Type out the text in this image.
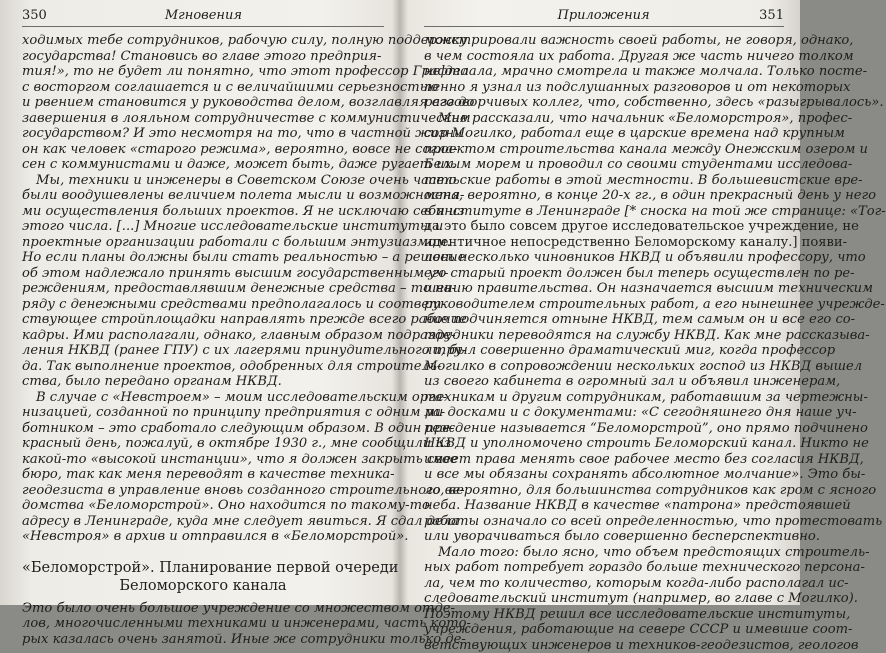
350	Мгновения
ходимых тебе сотрудников, рабочую силу, полную поддержку
государства! Становись во главе этого предприя-
тия!», то не будет ли понятно, что этот профессор Графто
с восторгом соглашается и с величайшими серьезностью
и рвением становится у руководства делом, возглавляя его до
завершения в лояльном сотрудничестве с коммунистическим
государством? И это несмотря на то, что в частной жизни
он как человек «старого режима», вероятно, вовсе не согла-
сен с коммунистами и даже, может быть, даже ругает их.
Мы, техники и инженеры в Советском Союзе очень часто
были воодушевлены величием полета мысли и возможностя-
ми осуществления больших проектов. Я не исключаю себя из
этого числа. [...] Многие исследовательские институты и
проектные организации работали с большим энтузиазмом.
Но если планы должны были стать реальностью – а решение
об этом надлежало принять высшим государственным уч-
реждениям, предоставлявшим денежные средства – то на-
ряду с денежными средствами предполагалось и соответ-
ствующее стройплощадки направлять прежде всего рабочие
кадры. Ими располагали, однако, главным образом подразде-
ления НКВД (ранее ГПУ) с их лагерями принудительного тру-
да. Так выполнение проектов, одобренных для строитель-
ства, было передано органам НКВД.
В случае с «Невстроем» – моим исследовательским орга-
низацией, созданной по принципу предприятия с одним ра-
ботником – это сработало следующим образом. В один пре-
красный день, пожалуй, в октябре 1930 г., мне сообщили из
какой-то «высокой инстанции», что я должен закрыть свое
бюро, так как меня переводят в качестве техника-
геодезиста в управление вновь созданного строительного ве-
домства «Беломорстрой». Оно находится по такому-то
адресу в Ленинграде, куда мне следует явиться. Я сдал дела
«Невстроя» в архив и отправился в «Беломорстрой».
«Беломорстрой». Планирование первой очереди
Беломорского канала
Это было очень большое учреждение со множеством отде-
лов, многочисленными техниками и инженерами, часть кото-
рых казалась очень занятой. Иные же сотрудники только де-
Приложения	351
монстрировали важность своей работы, не говоря, однако,
в чем состояла их работа. Другая же часть ничего толком
не делала, мрачно смотрела и также молчала. Только посте-
пенно я узнал из подслушанных разговоров и от некоторых
разговорчивых коллег, что, собственно, здесь «разыгрывалось».
Мне рассказали, что начальник «Беломорстроя», профес-
сор Могилко, работал еще в царские времена над крупным
проектом строительства канала между Онежским озером и
Белым морем и проводил со своими студентами исследова-
тельские работы в этой местности. В большевистские вре-
мена, вероятно, в конце 20-х гг., в один прекрасный день у него
в институте в Ленинграде [* сноска на той же странице: «Тог-
да это было совсем другое исследовательское учреждение, не
идентичное непосредственно Беломорскому каналу.] появи-
лось несколько чиновников НКВД и объявили профессору, что
его старый проект должен был теперь осуществлен по ре-
шению правительства. Он назначается высшим техническим
руководителем строительных работ, а его нынешнее учрежде-
ние подчиняется отныне НКВД, тем самым он и все его со-
трудники переводятся на службу НКВД. Как мне рассказыва-
ли, был совершенно драматический миг, когда профессор
Могилко в сопровождении нескольких господ из НКВД вышел
из своего кабинета в огромный зал и объявил инженерам,
техникам и другим сотрудникам, работавшим за чертежны-
ми досками и с документами: «С сегодняшнего дня наше уч-
реждение называется “Беломорстрой”, оно прямо подчинено
НКВД и уполномочено строить Беломорский канал. Никто не
имеет права менять свое рабочее место без согласия НКВД,
и все мы обязаны сохранять абсолютное молчание». Это бы-
ло, вероятно, для большинства сотрудников как гром с ясного
неба. Название НКВД в качестве «патрона» предстоявшей
работы означало со всей определенностью, что протестовать
или уворачиваться было совершенно бесперспективно.
Мало того: было ясно, что объем предстоящих строитель-
ных работ потребует гораздо больше технического персона-
ла, чем то количество, которым когда-либо располагал ис-
следовательский институт (например, во главе с Могилко).
Поэтому НКВД решил все исследовательские институты,
учреждения, работающие на севере СССР и имевшие соот-
ветствующих инженеров и техников-геодезистов, геологов
